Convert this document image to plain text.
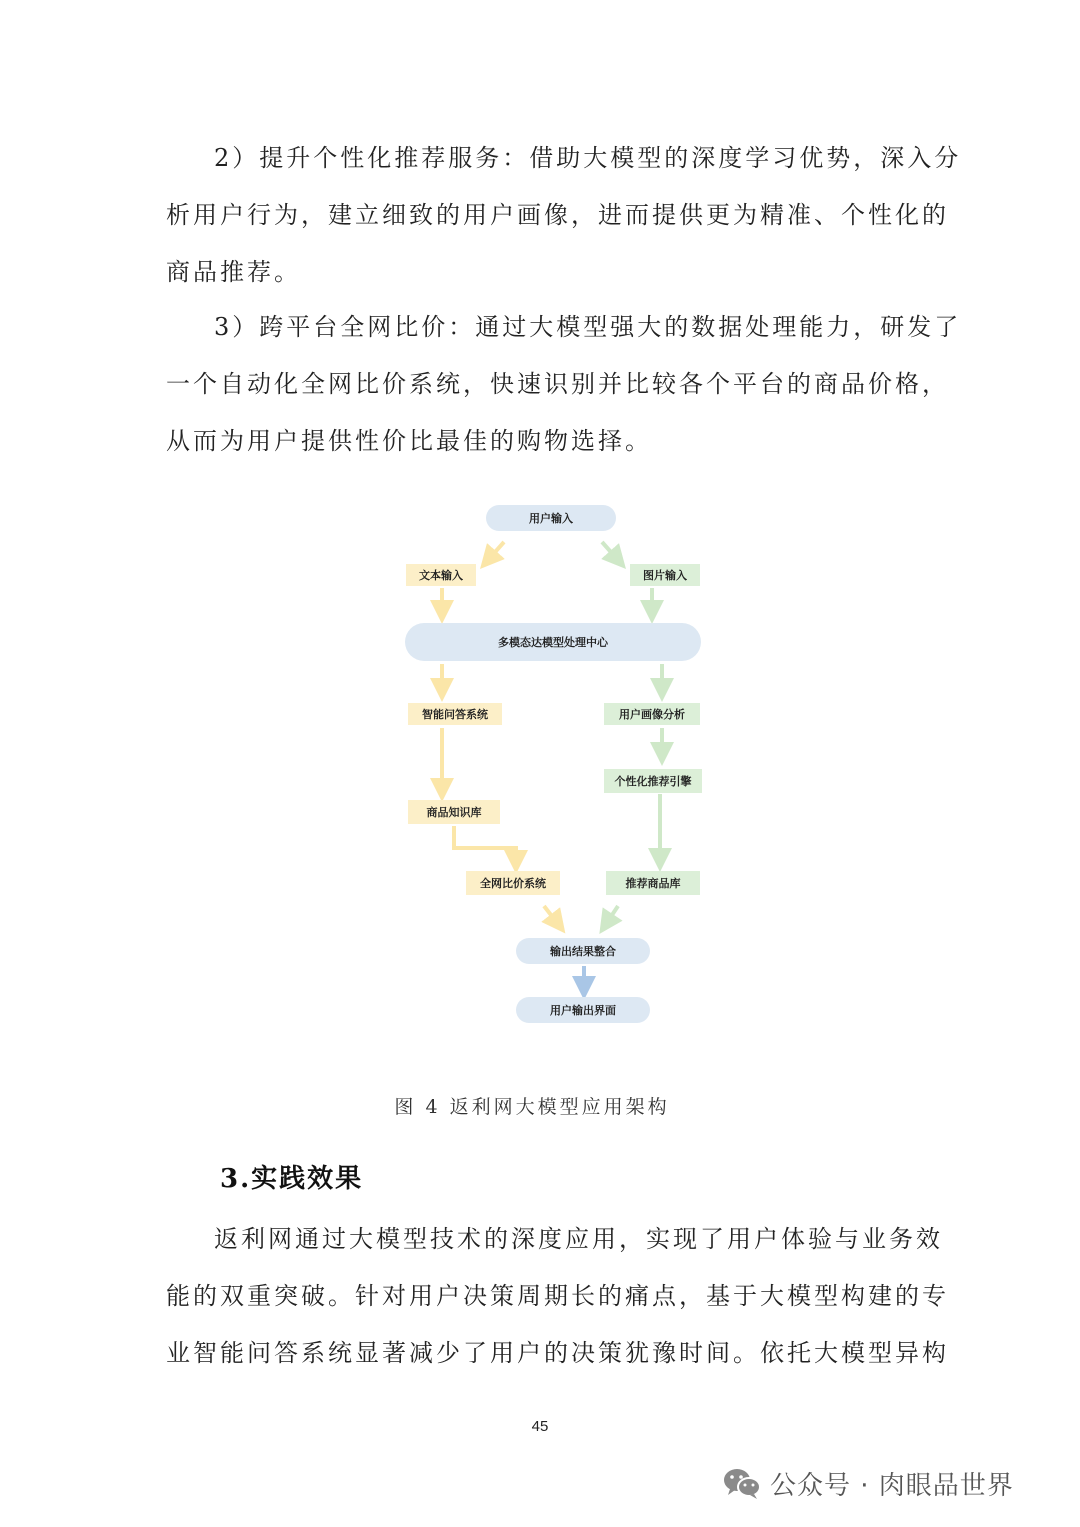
2）提升个性化推荐服务：借助大模型的深度学习优势，深入分
析用户行为，建立细致的用户画像，进而提供更为精准、个性化的
商品推荐。
3）跨平台全网比价：通过大模型强大的数据处理能力，研发了
一个自动化全网比价系统，快速识别并比较各个平台的商品价格，
从而为用户提供性价比最佳的购物选择。
用户输入
文本输入	图片输入
多模态达模型处理中心
智能问答系统	用户画像分析
个性化推荐引擎
商品知识库
全网比价系统	推荐商品库
输出结果整合
用户输出界面
图 4 返利网大模型应用架构
3.实践效果
返利网通过大模型技术的深度应用，实现了用户体验与业务效
能的双重突破。针对用户决策周期长的痛点，基于大模型构建的专
业智能问答系统显著减少了用户的决策犹豫时间。依托大模型异构
45
公众号 · 肉眼品世界
